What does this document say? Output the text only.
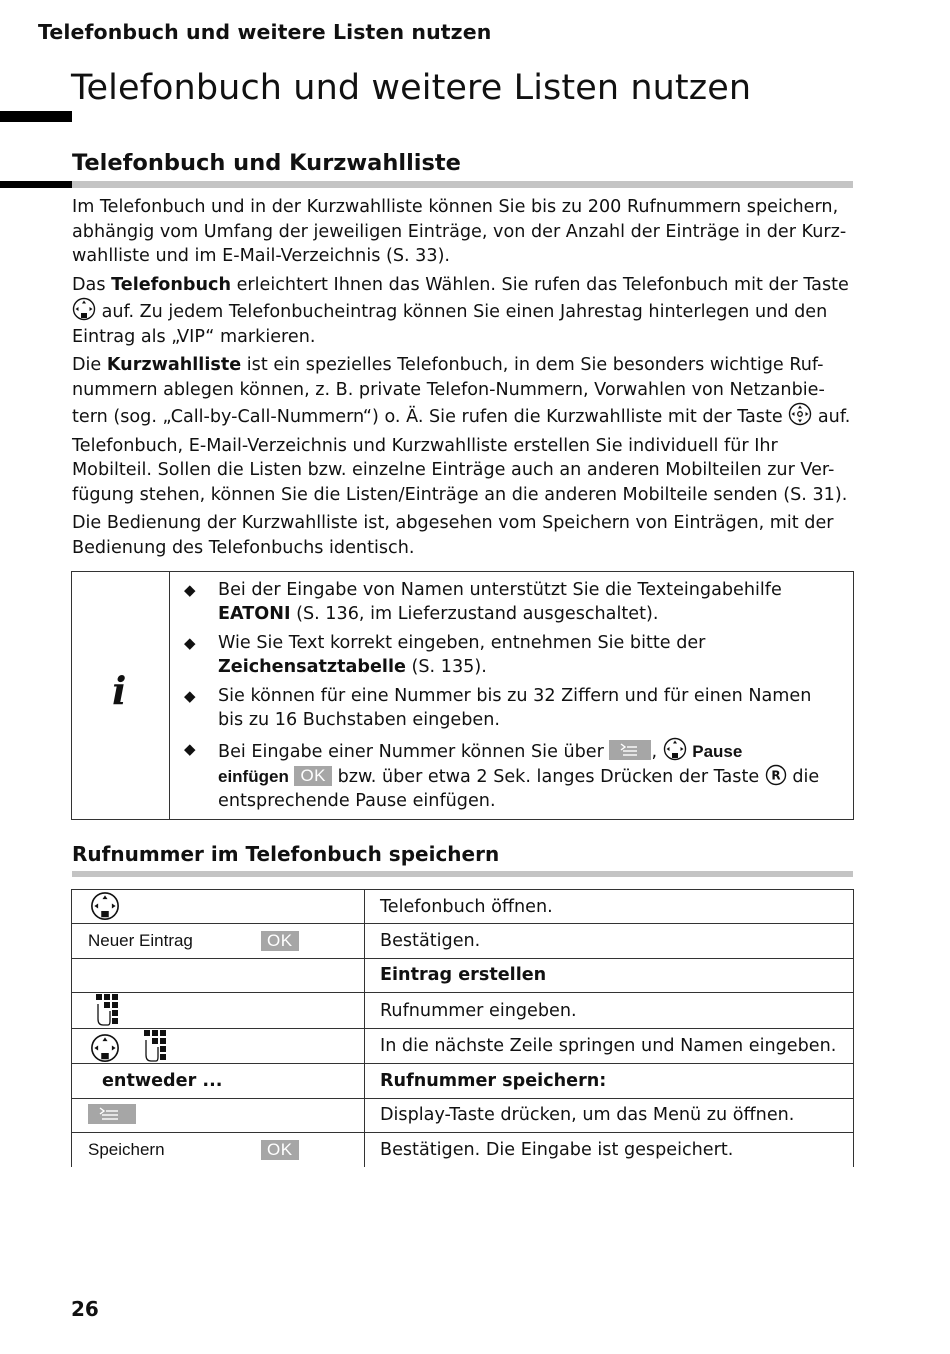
Telefonbuch und weitere Listen nutzen
Telefonbuch und weitere Listen nutzen
Telefonbuch und Kurzwahlliste

Im Telefonbuch und in der Kurzwahlliste können Sie bis zu 200 Rufnummern speichern,
abhängig vom Umfang der jeweiligen Einträge, von der Anzahl der Einträge in der Kurz-
wahlliste und im E-Mail-Verzeichnis (S. 33).

Das Telefonbuch erleichtert Ihnen das Wählen. Sie rufen das Telefonbuch mit der Taste
auf. Zu jedem Telefonbucheintrag können Sie einen Jahrestag hinterlegen und den
Eintrag als „VIP“ markieren.

Die Kurzwahlliste ist ein spezielles Telefonbuch, in dem Sie besonders wichtige Ruf-
nummern ablegen können, z. B. private Telefon-Nummern, Vorwahlen von Netzanbie-
tern (sog. „Call-by-Call-Nummern“) o. Ä. Sie rufen die Kurzwahlliste mit der Taste  auf.

Telefonbuch, E-Mail-Verzeichnis und Kurzwahlliste erstellen Sie individuell für Ihr
Mobilteil. Sollen die Listen bzw. einzelne Einträge auch an anderen Mobilteilen zur Ver-
fügung stehen, können Sie die Listen/Einträge an die anderen Mobilteile senden (S. 31).

Die Bedienung der Kurzwahlliste ist, abgesehen vom Speichern von Einträgen, mit der
Bedienung des Telefonbuchs identisch.

i
◆ Bei der Eingabe von Namen unterstützt Sie die Texteingabehilfe
EATONI (S. 136, im Lieferzustand ausgeschaltet).
◆ Wie Sie Text korrekt eingeben, entnehmen Sie bitte der
Zeichensatztabelle (S. 135).
◆ Sie können für eine Nummer bis zu 32 Ziffern und für einen Namen
bis zu 16 Buchstaben eingeben.
◆ Bei Eingabe einer Nummer können Sie über , Pause
einfügen OK bzw. über etwa 2 Sek. langes Drücken der Taste R die
entsprechende Pause einfügen.
Rufnummer im Telefonbuch speichern
	Telefonbuch öffnen.
Neuer Eintrag OK	Bestätigen.
	Eintrag erstellen
	Rufnummer eingeben.
	In die nächste Zeile springen und Namen eingeben.
entweder ...	Rufnummer speichern:
	Display-Taste drücken, um das Menü zu öffnen.
Speichern OK	Bestätigen. Die Eingabe ist gespeichert.
26
